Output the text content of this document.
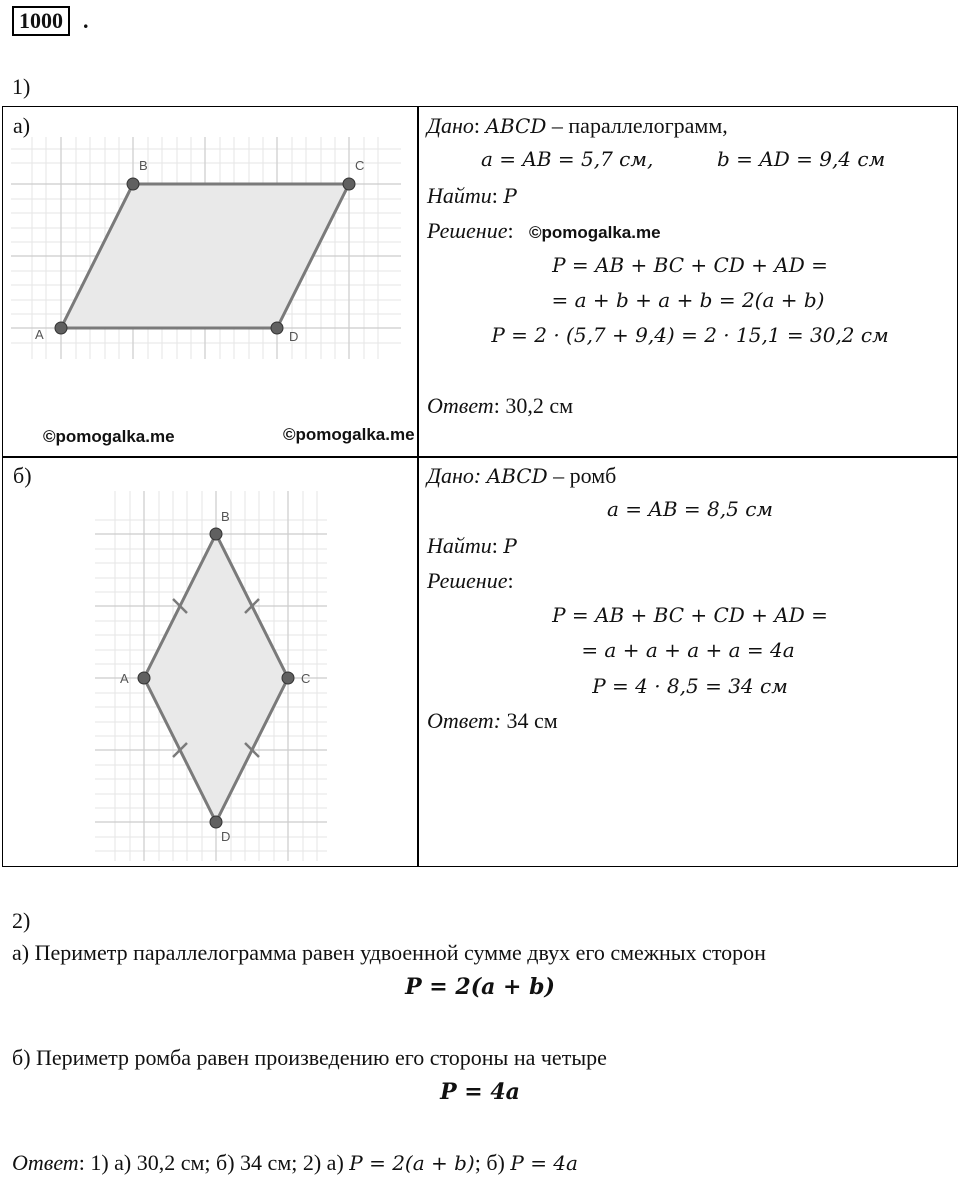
1000 .
1)
а)
A
B	C
D
©pomogalka.me	©pomogalka.me
Дано: ABCD – параллелограмм,
a = AB = 5,7 см,	b = AD = 9,4 см
Найти: P
Решение: ©pomogalka.me
P = AB + BC + CD + AD =
= a + b + a + b = 2(a + b)
P = 2 · (5,7 + 9,4) = 2 · 15,1 = 30,2 см
Ответ: 30,2 см
б)
A
B
C
D
Дано: ABCD – ромб
a = AB = 8,5 см
Найти: P
Решение:
P = AB + BC + CD + AD =
= a + a + a + a = 4a
P = 4 · 8,5 = 34 см
Ответ: 34 см
2)
а) Периметр параллелограмма равен удвоенной сумме двух его смежных сторон
P = 2(a + b)
б) Периметр ромба равен произведению его стороны на четыре
P = 4a
Ответ: 1) а) 30,2 см; б) 34 см; 2) а) P = 2(a + b); б) P = 4a
